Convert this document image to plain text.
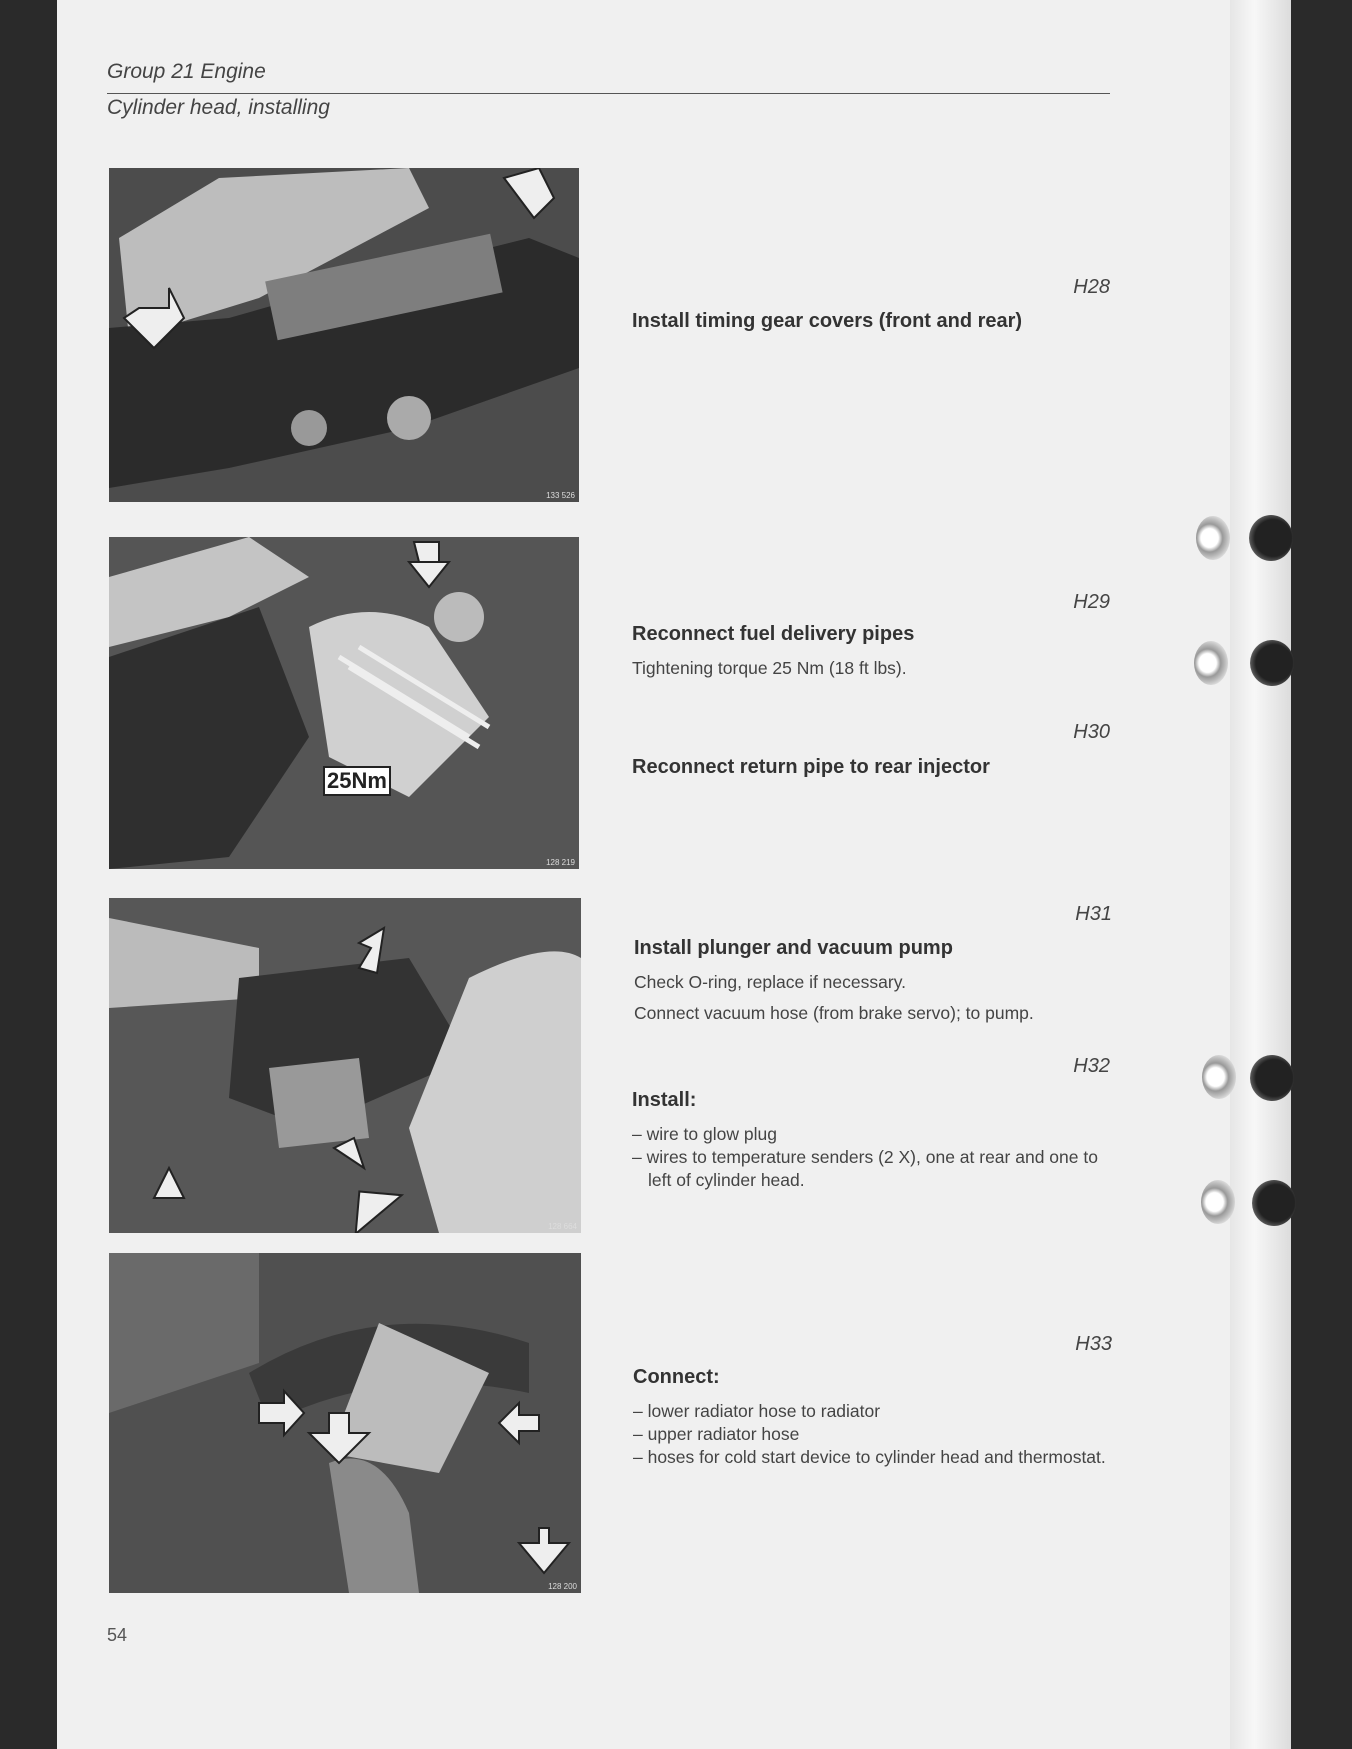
Group 21 Engine
Cylinder head, installing
133 526
25Nm
128 219
128 664
128 200
H28
Install timing gear covers (front and rear)
H29
Reconnect fuel delivery pipes
Tightening torque 25 Nm (18 ft lbs).
H30
Reconnect return pipe to rear injector
H31
Install plunger and vacuum pump
Check O-ring, replace if necessary.
Connect vacuum hose (from brake servo); to pump.
H32
Install:
– wire to glow plug
– wires to temperature senders (2 X), one at rear and one to left of cylinder head.
H33
Connect:
– lower radiator hose to radiator
– upper radiator hose
– hoses for cold start device to cylinder head and thermostat.
54
